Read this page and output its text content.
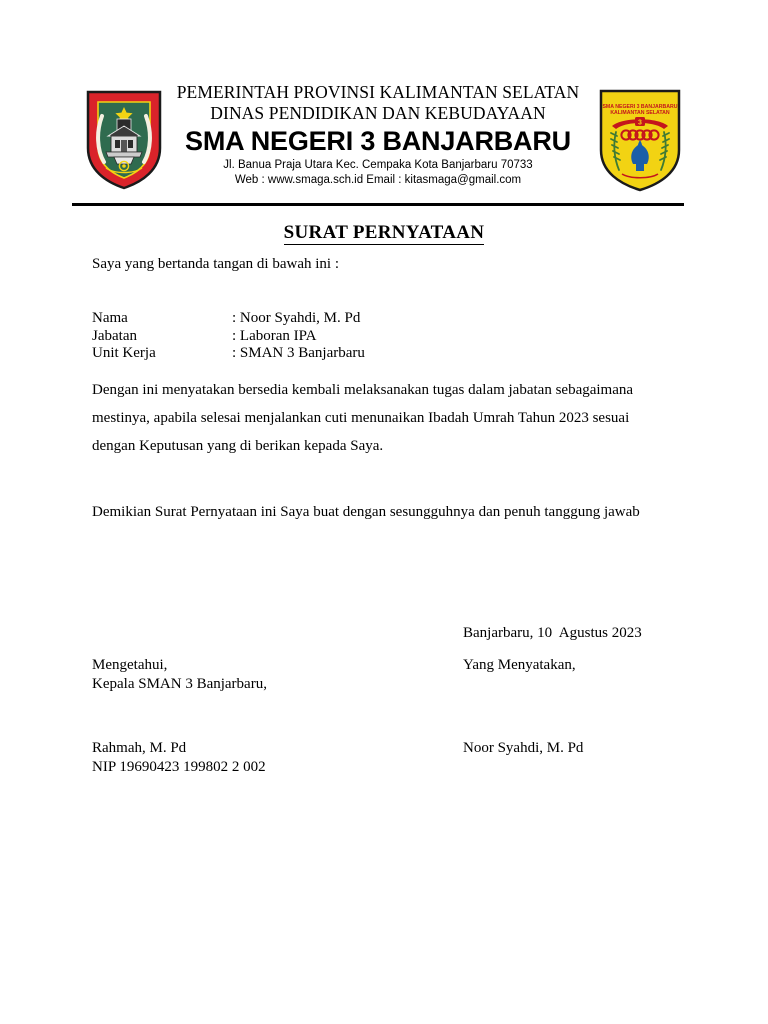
PEMERINTAH PROVINSI KALIMANTAN SELATAN
DINAS PENDIDIKAN DAN KEBUDAYAAN
SMA NEGERI 3 BANJARBARU
Jl. Banua Praja Utara Kec. Cempaka Kota Banjarbaru 70733
Web : www.smaga.sch.id Email : kitasmaga@gmail.com
SMA NEGERI 3 BANJARBARU
KALIMANTAN SELATAN
3
SURAT PERNYATAAN
Saya yang bertanda tangan di bawah ini :
Nama	: Noor Syahdi, M. Pd
Jabatan	: Laboran IPA
Unit Kerja	: SMAN 3 Banjarbaru
Dengan ini menyatakan bersedia kembali melaksanakan tugas dalam jabatan sebagaimana mestinya, apabila selesai menjalankan cuti menunaikan Ibadah Umrah Tahun 2023 sesuai dengan Keputusan yang di berikan kepada Saya.
Demikian Surat Pernyataan ini Saya buat dengan sesungguhnya dan penuh tanggung jawab
Banjarbaru, 10  Agustus 2023
Mengetahui,
Kepala SMAN 3 Banjarbaru,
Yang Menyatakan,
Rahmah, M. Pd
NIP 19690423 199802 2 002
Noor Syahdi, M. Pd
